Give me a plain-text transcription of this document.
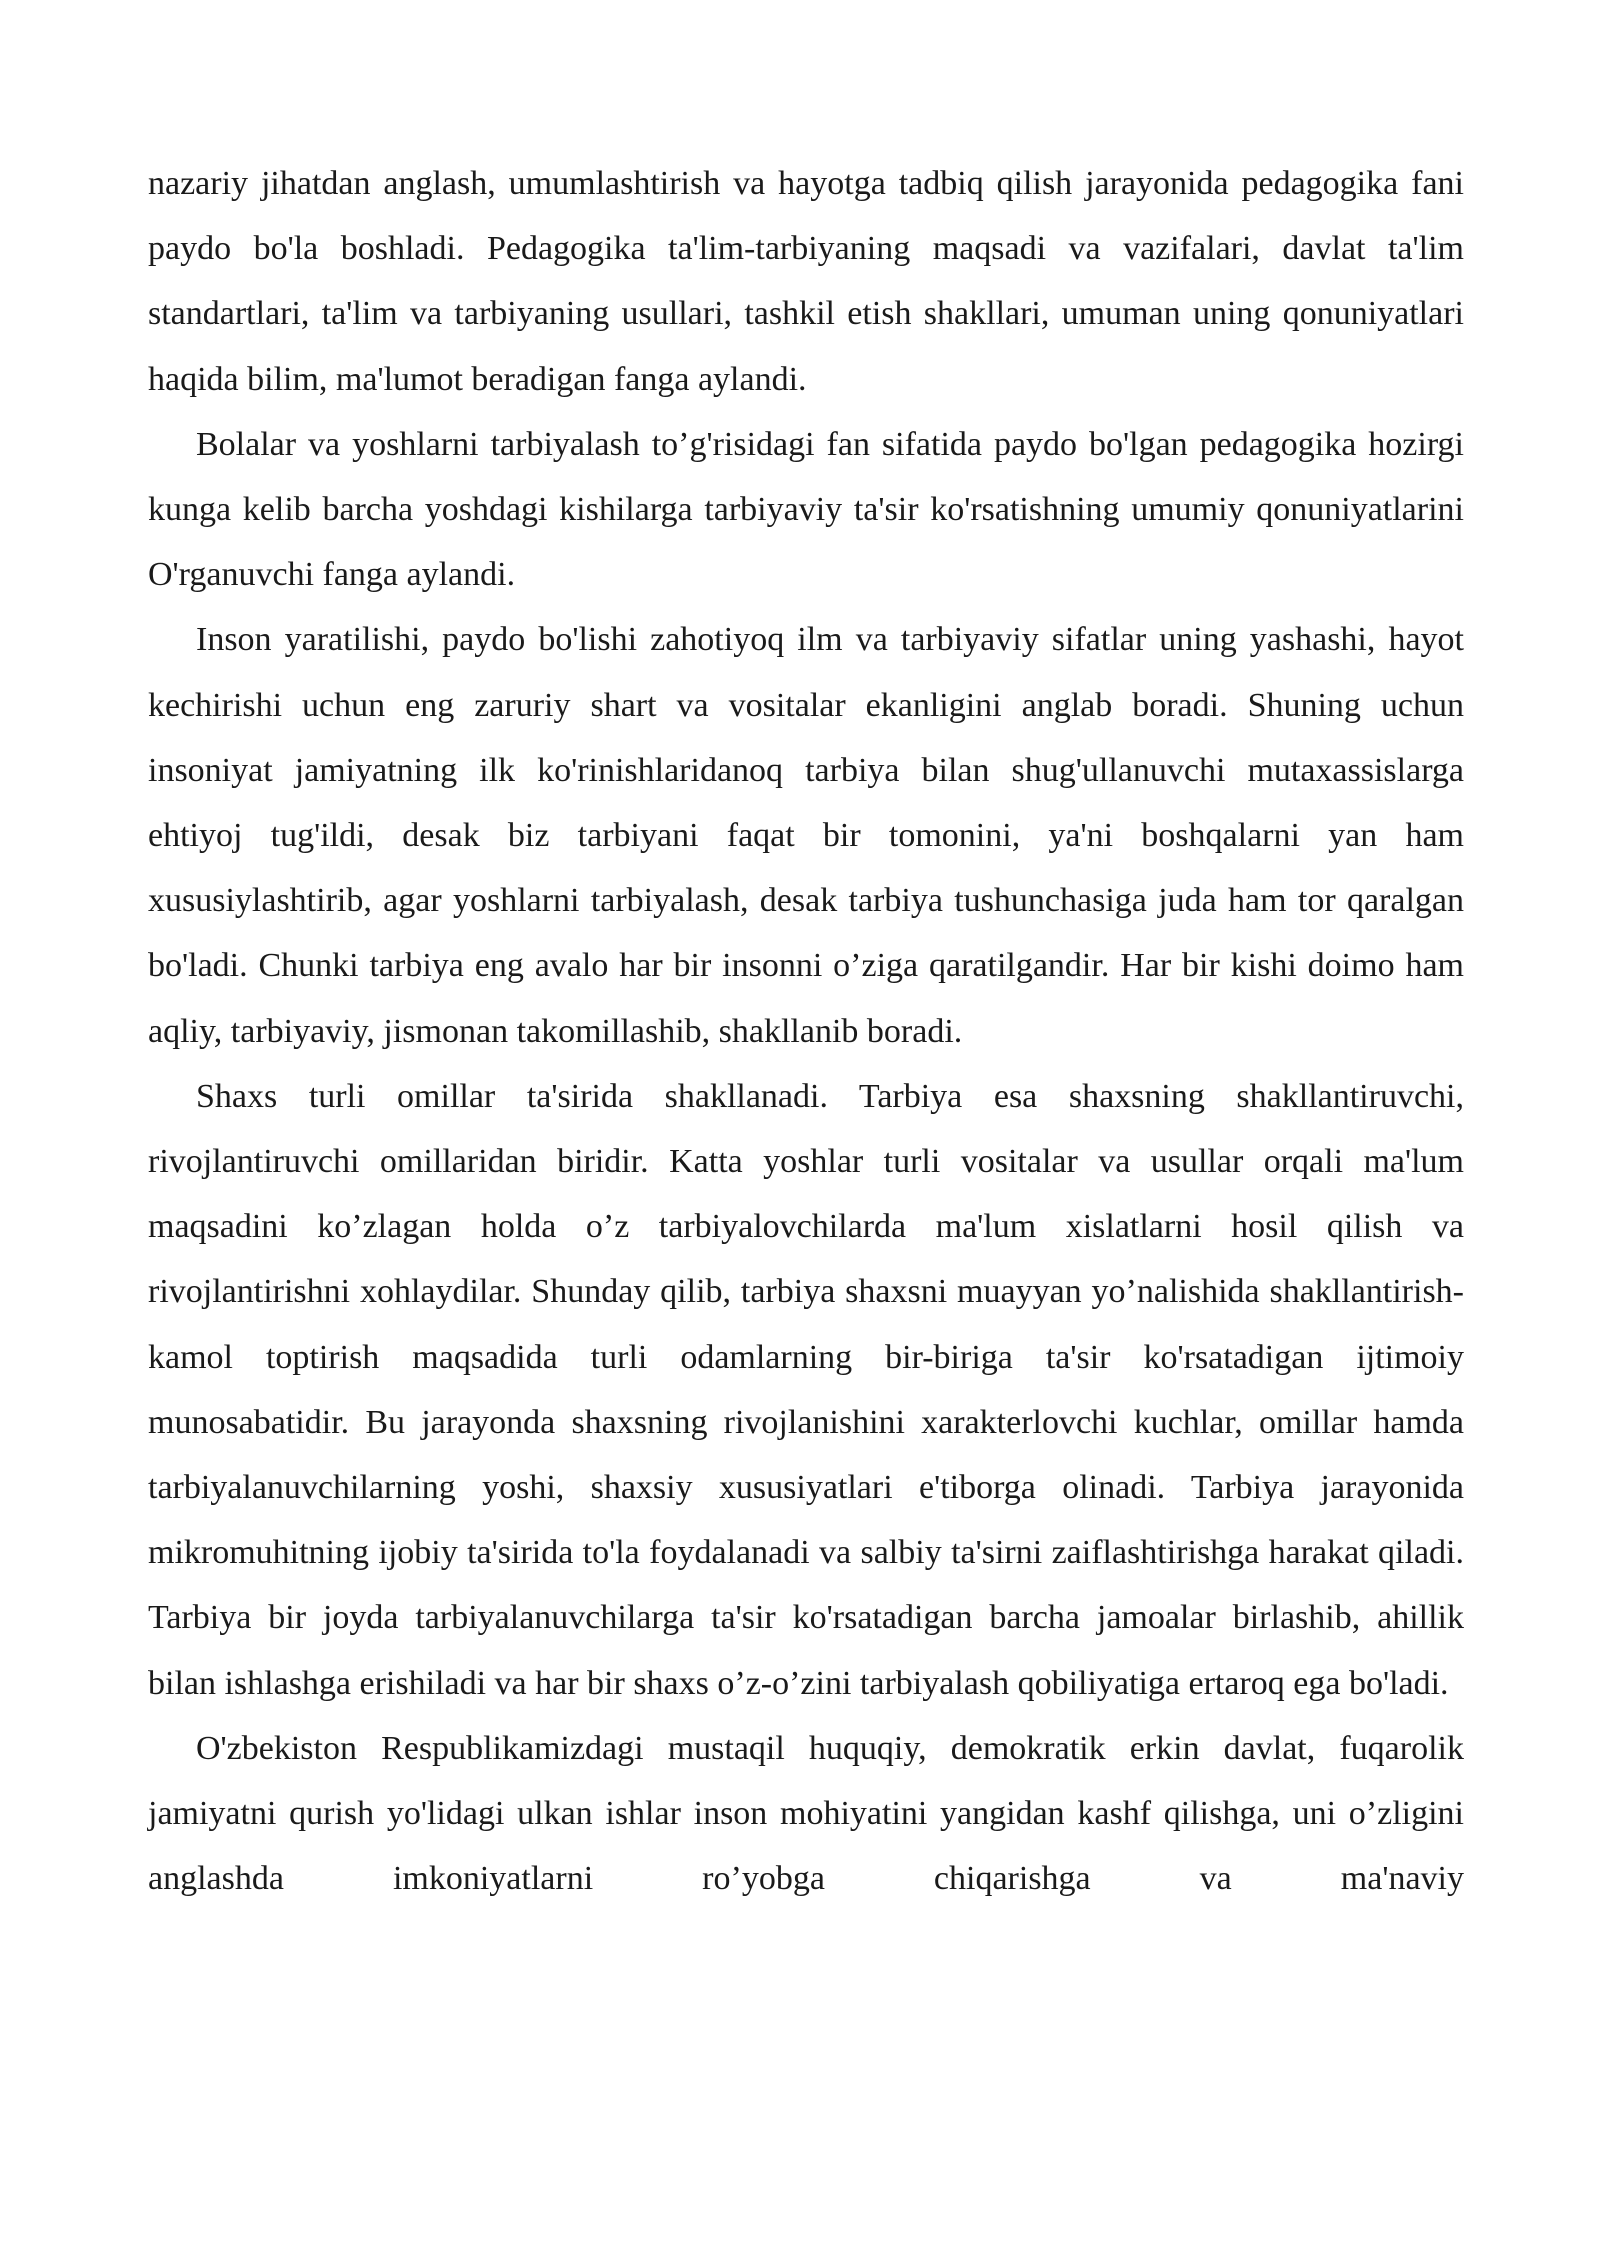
nazariy jihatdan anglash, umumlashtirish va hayotga tadbiq qilish jarayonida pedagogika fani paydo bo'la boshladi. Pedagogika ta'lim-tarbiyaning maqsadi va vazifalari, davlat ta'lim standartlari, ta'lim va tarbiyaning usullari, tashkil etish shakllari, umuman uning qonuniyatlari haqida bilim, ma'lumot beradigan fanga aylandi.

Bolalar va yoshlarni tarbiyalash to’g'risidagi fan sifatida paydo bo'lgan pedagogika hozirgi kunga kelib barcha yoshdagi kishilarga tarbiyaviy ta'sir ko'rsatishning umumiy qonuniyatlarini O'rganuvchi fanga aylandi.

Inson yaratilishi, paydo bo'lishi zahotiyoq ilm va tarbiyaviy sifatlar uning yashashi, hayot kechirishi uchun eng zaruriy shart va vositalar ekanligini anglab boradi. Shuning uchun insoniyat jamiyatning ilk ko'rinishlaridanoq tarbiya bilan shug'ullanuvchi mutaxassislarga ehtiyoj tug'ildi, desak biz tarbiyani faqat bir tomonini, ya'ni boshqalarni yan ham xususiylashtirib, agar yoshlarni tarbiyalash, desak tarbiya tushunchasiga juda ham tor qaralgan bo'ladi. Chunki tarbiya eng avalo har bir insonni o’ziga qaratilgandir. Har bir kishi doimo ham aqliy, tarbiyaviy, jismonan takomillashib, shakllanib boradi.

Shaxs turli omillar ta'sirida shakllanadi. Tarbiya esa shaxsning shakllantiruvchi, rivojlantiruvchi omillaridan biridir. Katta yoshlar turli vositalar va usullar orqali ma'lum maqsadini ko’zlagan holda o’z tarbiyalovchilarda ma'lum xislatlarni hosil qilish va rivojlantirishni xohlaydilar. Shunday qilib, tarbiya shaxsni muayyan yo’nalishida shakllantirish-kamol toptirish maqsadida turli odamlarning bir-biriga ta'sir ko'rsatadigan ijtimoiy munosabatidir. Bu jarayonda shaxsning rivojlanishini xarakterlovchi kuchlar, omillar hamda tarbiyalanuvchilarning yoshi, shaxsiy xususiyatlari e'tiborga olinadi. Tarbiya jarayonida mikromuhitning ijobiy ta'sirida to'la foydalanadi va salbiy ta'sirni zaiflashtirishga harakat qiladi. Tarbiya bir joyda tarbiyalanuvchilarga ta'sir ko'rsatadigan barcha jamoalar birlashib, ahillik bilan ishlashga erishiladi va har bir shaxs o’z-o’zini tarbiyalash qobiliyatiga ertaroq ega bo'ladi.

O'zbekiston Respublikamizdagi mustaqil huquqiy, demokratik erkin davlat, fuqarolik jamiyatni qurish yo'lidagi ulkan ishlar inson mohiyatini yangidan kashf qilishga, uni o’zligini anglashda imkoniyatlarni ro’yobga chiqarishga va ma'naviy
